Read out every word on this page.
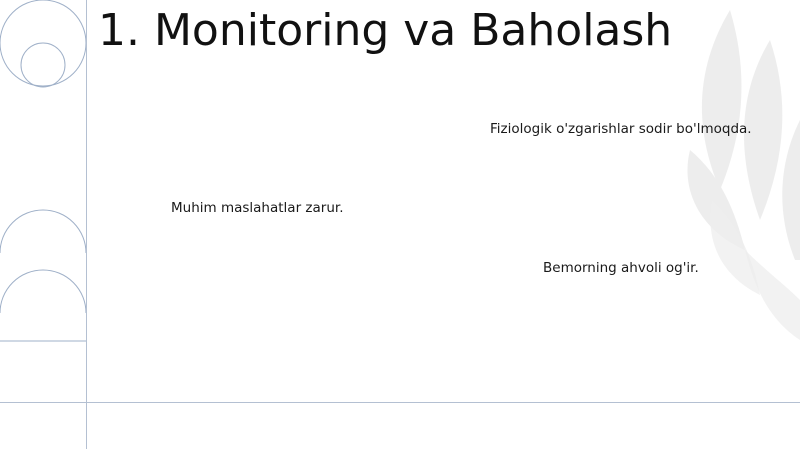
1. Monitoring va Baholash
Fiziologik o'zgarishlar sodir bo'lmoqda.
Muhim maslahatlar zarur.
Bemorning ahvoli og'ir.
